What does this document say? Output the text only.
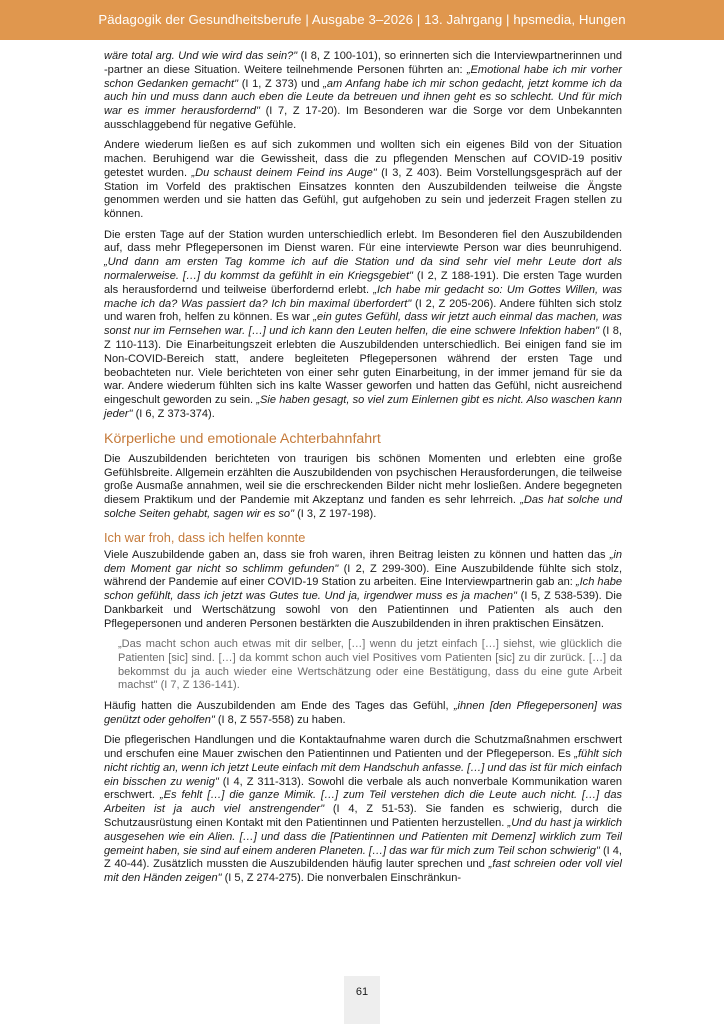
Pädagogik der Gesundheitsberufe | Ausgabe 3–2026 | 13. Jahrgang | hpsmedia, Hungen

wäre total arg. Und wie wird das sein?" (I 8, Z 100-101), so erinnerten sich die Interviewpartnerinnen und -partner an diese Situation. Weitere teilnehmende Personen führten an: „Emotional habe ich mir vorher schon Gedanken gemacht" (I 1, Z 373) und „am Anfang habe ich mir schon gedacht, jetzt komme ich da auch hin und muss dann auch eben die Leute da betreuen und ihnen geht es so schlecht. Und für mich war es immer herausfordernd" (I 7, Z 17-20). Im Besonderen war die Sorge vor dem Unbekannten ausschlaggebend für negative Gefühle.

Andere wiederum ließen es auf sich zukommen und wollten sich ein eigenes Bild von der Situation machen. Beruhigend war die Gewissheit, dass die zu pflegenden Menschen auf COVID-19 positiv getestet wurden. „Du schaust deinem Feind ins Auge" (I 3, Z 403). Beim Vorstellungsgespräch auf der Station im Vorfeld des praktischen Einsatzes konnten den Auszubildenden teilweise die Ängste genommen werden und sie hatten das Gefühl, gut aufgehoben zu sein und jederzeit Fragen stellen zu können.

Die ersten Tage auf der Station wurden unterschiedlich erlebt. Im Besonderen fiel den Auszubildenden auf, dass mehr Pflegepersonen im Dienst waren. Für eine interviewte Person war dies beunruhigend. „Und dann am ersten Tag komme ich auf die Station und da sind sehr viel mehr Leute dort als normalerweise. […] du kommst da gefühlt in ein Kriegsgebiet" (I 2, Z 188-191). Die ersten Tage wurden als herausfordernd und teilweise überfordernd erlebt. „Ich habe mir gedacht so: Um Gottes Willen, was mache ich da? Was passiert da? Ich bin maximal überfordert" (I 2, Z 205-206). Andere fühlten sich stolz und waren froh, helfen zu können. Es war „ein gutes Gefühl, dass wir jetzt auch einmal das machen, was sonst nur im Fernsehen war. […] und ich kann den Leuten helfen, die eine schwere Infektion haben" (I 8, Z 110-113). Die Einarbeitungszeit erlebten die Auszubildenden unterschiedlich. Bei einigen fand sie im Non-COVID-Bereich statt, andere begleiteten Pflegepersonen während der ersten Tage und beobachteten nur. Viele berichteten von einer sehr guten Einarbeitung, in der immer jemand für sie da war. Andere wiederum fühlten sich ins kalte Wasser geworfen und hatten das Gefühl, nicht ausreichend eingeschult geworden zu sein. „Sie haben gesagt, so viel zum Einlernen gibt es nicht. Also waschen kann jeder" (I 6, Z 373-374).

Körperliche und emotionale Achterbahnfahrt

Die Auszubildenden berichteten von traurigen bis schönen Momenten und erlebten eine große Gefühlsbreite. Allgemein erzählten die Auszubildenden von psychischen Herausforderungen, die teilweise große Ausmaße annahmen, weil sie die erschreckenden Bilder nicht mehr losließen. Andere begegneten diesem Praktikum und der Pandemie mit Akzeptanz und fanden es sehr lehrreich. „Das hat solche und solche Seiten gehabt, sagen wir es so" (I 3, Z 197-198).

Ich war froh, dass ich helfen konnte

Viele Auszubildende gaben an, dass sie froh waren, ihren Beitrag leisten zu können und hatten das „in dem Moment gar nicht so schlimm gefunden" (I 2, Z 299-300). Eine Auszubildende fühlte sich stolz, während der Pandemie auf einer COVID-19 Station zu arbeiten. Eine Interviewpartnerin gab an: „Ich habe schon gefühlt, dass ich jetzt was Gutes tue. Und ja, irgendwer muss es ja machen" (I 5, Z 538-539). Die Dankbarkeit und Wertschätzung sowohl von den Patientinnen und Patienten als auch den Pflegepersonen und anderen Personen bestärkten die Auszubildenden in ihren praktischen Einsätzen.

„Das macht schon auch etwas mit dir selber, […] wenn du jetzt einfach […] siehst, wie glücklich die Patienten [sic] sind. […] da kommt schon auch viel Positives vom Patienten [sic] zu dir zurück. […] da bekommst du ja auch wieder eine Wertschätzung oder eine Bestätigung, dass du eine gute Arbeit machst" (I 7, Z 136-141).

Häufig hatten die Auszubildenden am Ende des Tages das Gefühl, „ihnen [den Pflegepersonen] was genützt oder geholfen" (I 8, Z 557-558) zu haben.

Die pflegerischen Handlungen und die Kontaktaufnahme waren durch die Schutzmaßnahmen erschwert und erschufen eine Mauer zwischen den Patientinnen und Patienten und der Pflegeperson. Es „fühlt sich nicht richtig an, wenn ich jetzt Leute einfach mit dem Handschuh anfasse. […] und das ist für mich einfach ein bisschen zu wenig" (I 4, Z 311-313). Sowohl die verbale als auch nonverbale Kommunikation waren erschwert. „Es fehlt […] die ganze Mimik. […] zum Teil verstehen dich die Leute auch nicht. […] das Arbeiten ist ja auch viel anstrengender" (I 4, Z 51-53). Sie fanden es schwierig, durch die Schutzausrüstung einen Kontakt mit den Patientinnen und Patienten herzustellen. „Und du hast ja wirklich ausgesehen wie ein Alien. […] und dass die [Patientinnen und Patienten mit Demenz] wirklich zum Teil gemeint haben, sie sind auf einem anderen Planeten. […] das war für mich zum Teil schon schwierig" (I 4, Z 40-44). Zusätzlich mussten die Auszubildenden häufig lauter sprechen und „fast schreien oder voll viel mit den Händen zeigen" (I 5, Z 274-275). Die nonverbalen Einschränkun-

61
